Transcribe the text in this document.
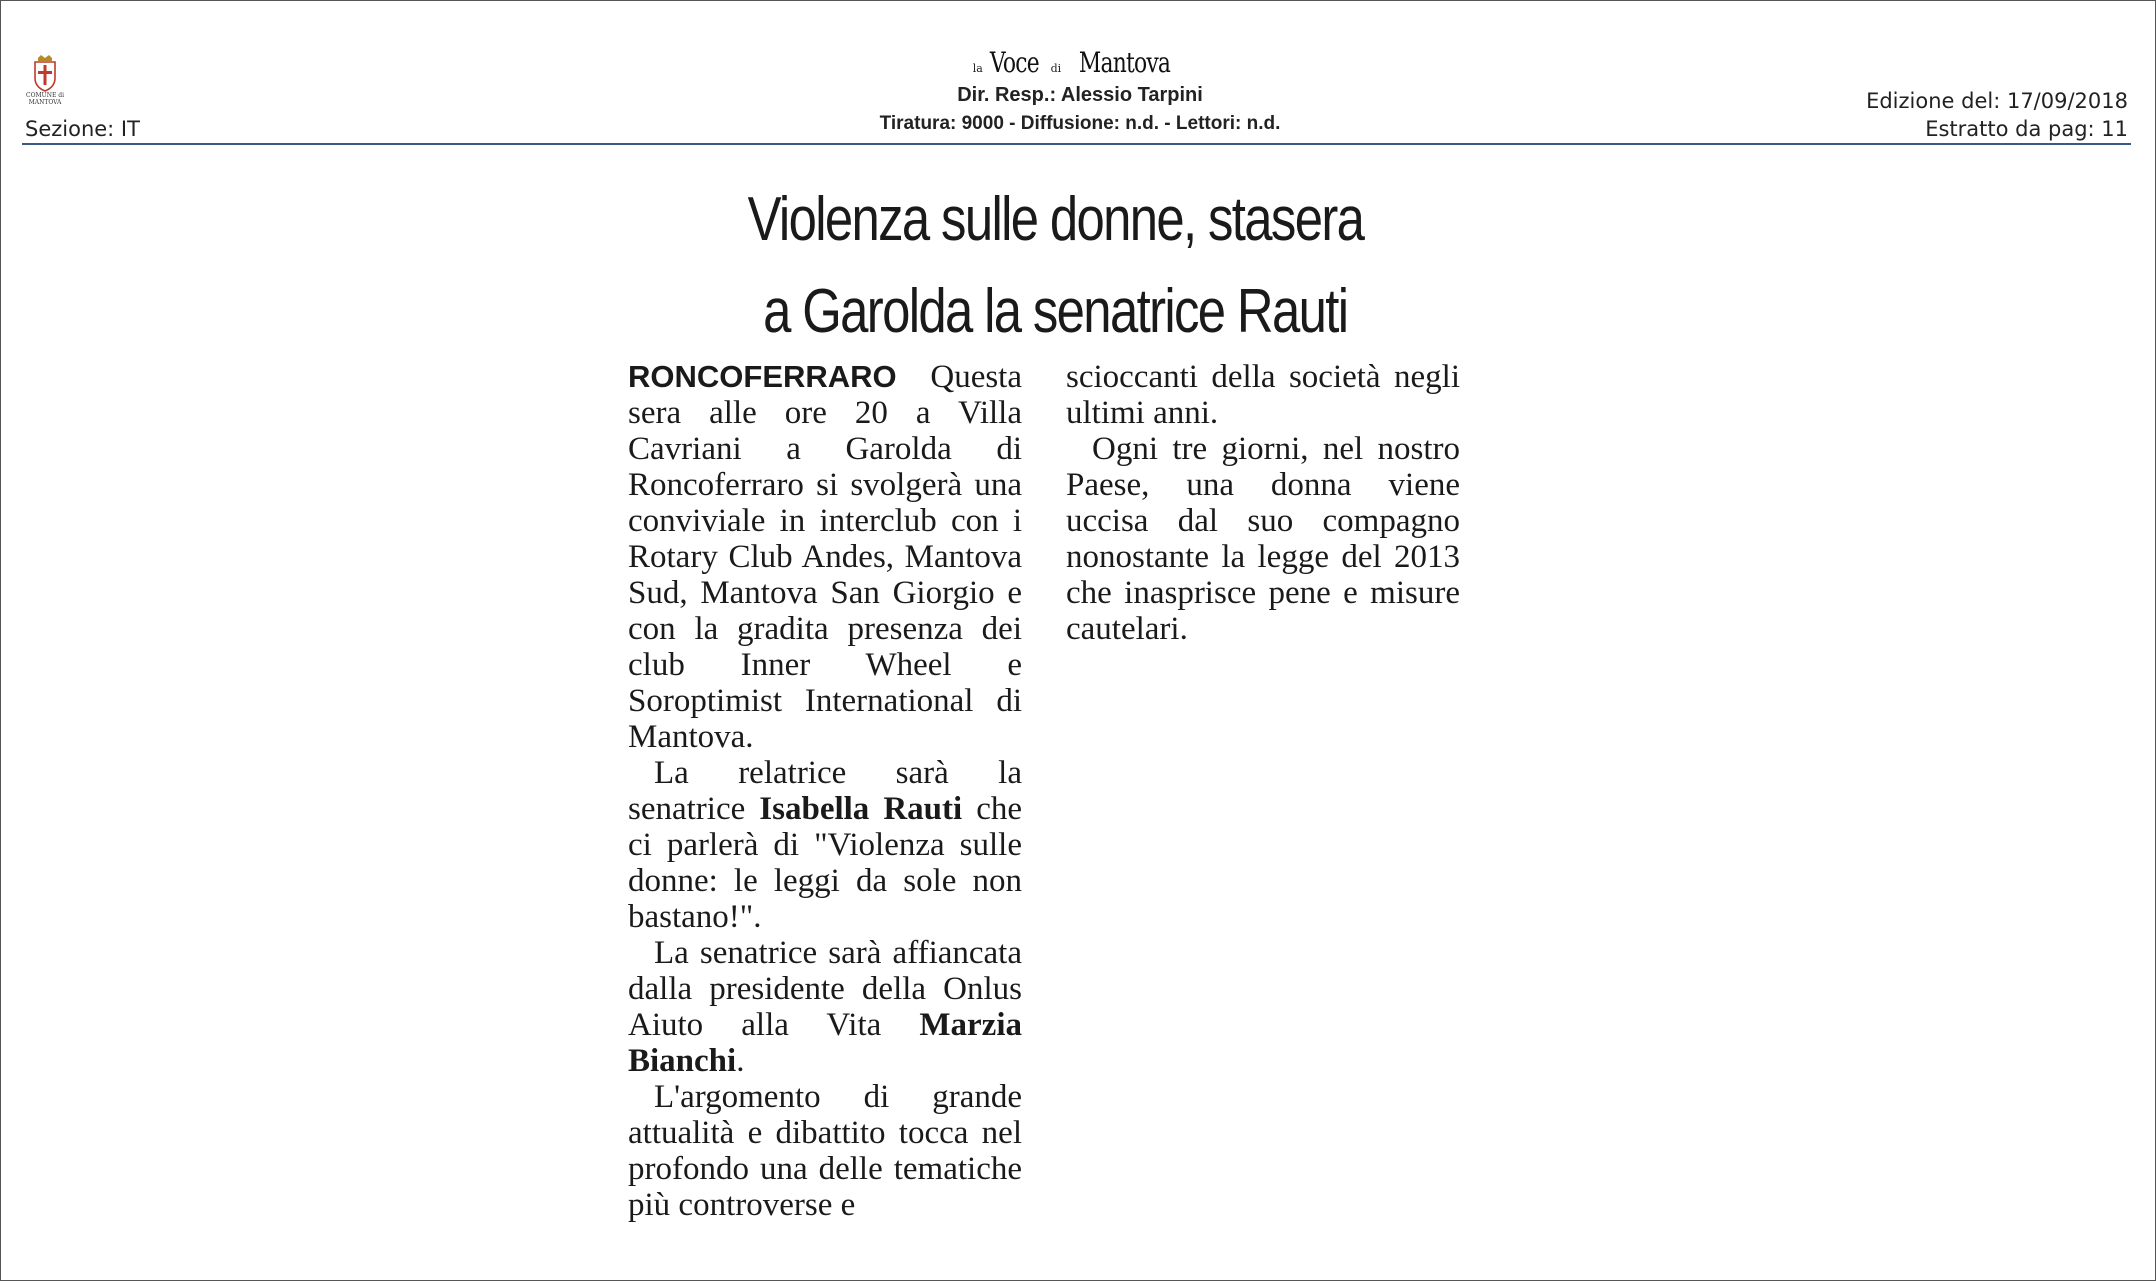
COMUNE di MANTOVA
Sezione: IT
la Voce di Mantova
Dir. Resp.: Alessio Tarpini
Tiratura: 9000 - Diffusione: n.d. - Lettori: n.d.
Edizione del: 17/09/2018
Estratto da pag: 11
Violenza sulle donne, stasera
a Garolda la senatrice Rauti

RONCOFERRARO Questa sera alle ore 20 a Villa Cavriani a Garolda di Roncoferraro si svolgerà una conviviale in interclub con i Rotary Club Andes, Mantova Sud, Mantova San Giorgio e con la gradita presenza dei club Inner Wheel e Soroptimist International di Mantova.

La relatrice sarà la senatrice Isabella Rauti che ci parlerà di "Violenza sulle donne: le leggi da sole non bastano!".

La senatrice sarà affiancata dalla presidente della Onlus Aiuto alla Vita Marzia Bianchi.

L'argomento di grande attualità e dibattito tocca nel profondo una delle tematiche più controverse e

scioccanti della società negli ultimi anni.

Ogni tre giorni, nel nostro Paese, una donna viene uccisa dal suo compagno nonostante la legge del 2013 che inasprisce pene e misure cautelari.
